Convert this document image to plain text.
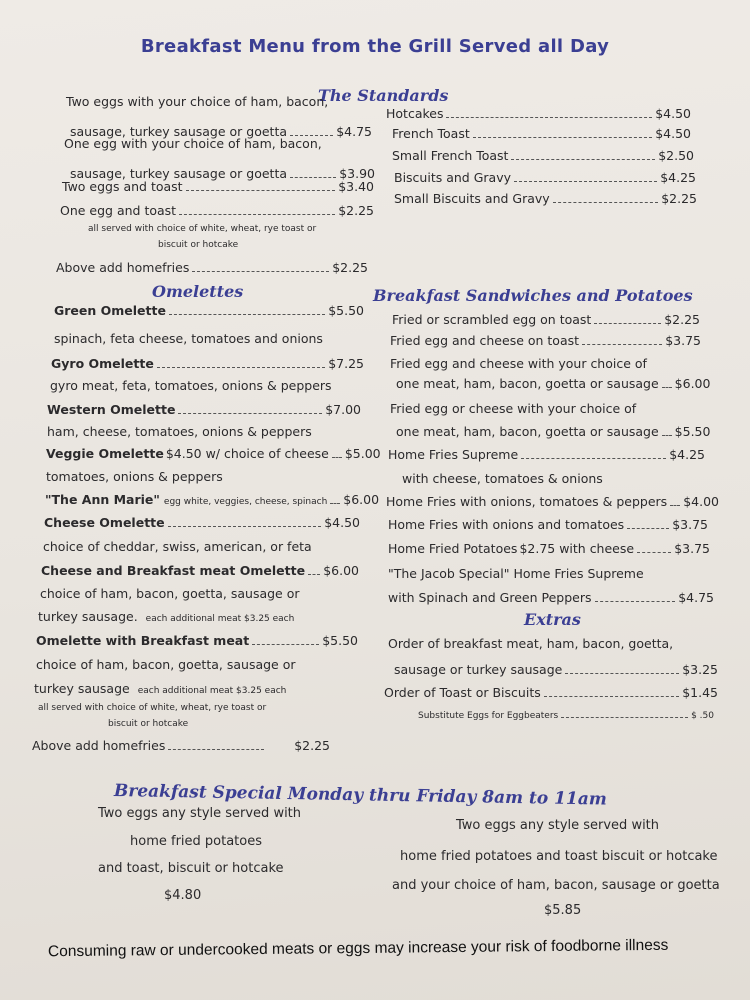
Breakfast Menu from the Grill Served all Day
The Standards
Two eggs with your choice of ham, bacon,
sausage, turkey sausage or goetta	$4.75
One egg with your choice of ham, bacon,
sausage, turkey sausage or goetta	$3.90
Two eggs and toast	$3.40
One egg and toast	$2.25
all served with choice of white, wheat, rye toast or
biscuit or hotcake
Above add homefries	$2.25
Hotcakes	$4.50
French Toast	$4.50
Small French Toast	$2.50
Biscuits and Gravy	$4.25
Small Biscuits and Gravy	$2.25
Omelettes
Green Omelette	$5.50
spinach, feta cheese, tomatoes and onions
Gyro Omelette	$7.25
gyro meat, feta, tomatoes, onions & peppers
Western Omelette	$7.00
ham, cheese, tomatoes, onions & peppers
Veggie Omelette $4.50 w/ choice of cheese $5.00
tomatoes, onions & peppers
"The Ann Marie" egg white, veggies, cheese, spinach $6.00
Cheese Omelette	$4.50
choice of cheddar, swiss, american, or feta
Cheese and Breakfast meat Omelette $6.00
choice of ham, bacon, goetta, sausage or
turkey sausage. each additional meat $3.25 each
Omelette with Breakfast meat	$5.50
choice of ham, bacon, goetta, sausage or
turkey sausage each additional meat $3.25 each
all served with choice of white, wheat, rye toast or
biscuit or hotcake
Above add homefries	$2.25
Breakfast Sandwiches and Potatoes
Fried or scrambled egg on toast	$2.25
Fried egg and cheese on toast	$3.75
Fried egg and cheese with your choice of
one meat, ham, bacon, goetta or sausage $6.00
Fried egg or cheese with your choice of
one meat, ham, bacon, goetta or sausage $5.50
Home Fries Supreme	$4.25
with cheese, tomatoes & onions
Home Fries with onions, tomatoes & peppers $4.00
Home Fries with onions and tomatoes	$3.75
Home Fried Potatoes $2.75 with cheese	$3.75
"The Jacob Special" Home Fries Supreme
with Spinach and Green Peppers	$4.75
Extras
Order of breakfast meat, ham, bacon, goetta,
sausage or turkey sausage	$3.25
Order of Toast or Biscuits	$1.45
Substitute Eggs for Eggbeaters	$ .50
Breakfast Special Monday thru Friday 8am to 11am
Two eggs any style served with
home fried potatoes
and toast, biscuit or hotcake
$4.80
Two eggs any style served with
home fried potatoes and toast biscuit or hotcake
and your choice of ham, bacon, sausage or goetta
$5.85
Consuming raw or undercooked meats or eggs may increase your risk of foodborne illness
